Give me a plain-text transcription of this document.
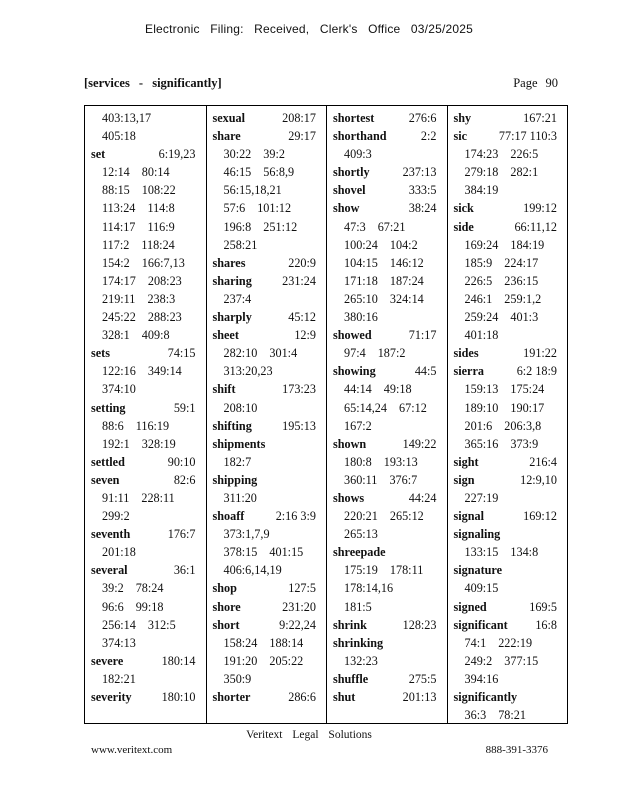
Electronic Filing: Received, Clerk's Office 03/25/2025
[services - significantly]	Page 90
403:13,17
405:18
set	6:19,23
12:14 80:14
88:15 108:22
113:24 114:8
114:17 116:9
117:2 118:24
154:2 166:7,13
174:17 208:23
219:11 238:3
245:22 288:23
328:1 409:8
sets	74:15
122:16 349:14
374:10
setting	59:1
88:6 116:19
192:1 328:19
settled	90:10
seven	82:6
91:11 228:11
299:2
seventh	176:7
201:18
several	36:1
39:2 78:24
96:6 99:18
256:14 312:5
374:13
severe	180:14
182:21
severity 180:10
sexual	208:17
share	29:17
30:22 39:2
46:15 56:8,9
56:15,18,21
57:6 101:12
196:8 251:12
258:21
shares	220:9
sharing 231:24
237:4
sharply	45:12
sheet	12:9
282:10 301:4
313:20,23
shift	173:23
208:10
shifting 195:13
shipments
182:7
shipping
311:20
shoaff	2:16 3:9
373:1,7,9
378:15 401:15
406:6,14,19
shop	127:5
shore	231:20
short	9:22,24
158:24 188:14
191:20 205:22
350:9
shorter	286:6
shortest	276:6
shorthand	2:2
409:3
shortly	237:13
shovel	333:5
show	38:24
47:3 67:21
100:24 104:2
104:15 146:12
171:18 187:24
265:10 324:14
380:16
showed	71:17
97:4 187:2
showing	44:5
44:14 49:18
65:14,24 67:12
167:2
shown	149:22
180:8 193:13
360:11 376:7
shows	44:24
220:21 265:12
265:13
shreepade
175:19 178:11
178:14,16
181:5
shrink	128:23
shrinking
132:23
shuffle	275:5
shut	201:13
shy	167:21
sic	77:17 110:3
174:23 226:5
279:18 282:1
384:19
sick	199:12
side	66:11,12
169:24 184:19
185:9 224:17
226:5 236:15
246:1 259:1,2
259:24 401:3
401:18
sides	191:22
sierra	6:2 18:9
159:13 175:24
189:10 190:17
201:6 206:3,8
365:16 373:9
sight	216:4
sign	12:9,10
227:19
signal	169:12
signaling
133:15 134:8
signature
409:15
signed	169:5
significant 16:8
74:1 222:19
249:2 377:15
394:16
significantly
36:3 78:21
Veritext Legal Solutions
www.veritext.com	888-391-3376
